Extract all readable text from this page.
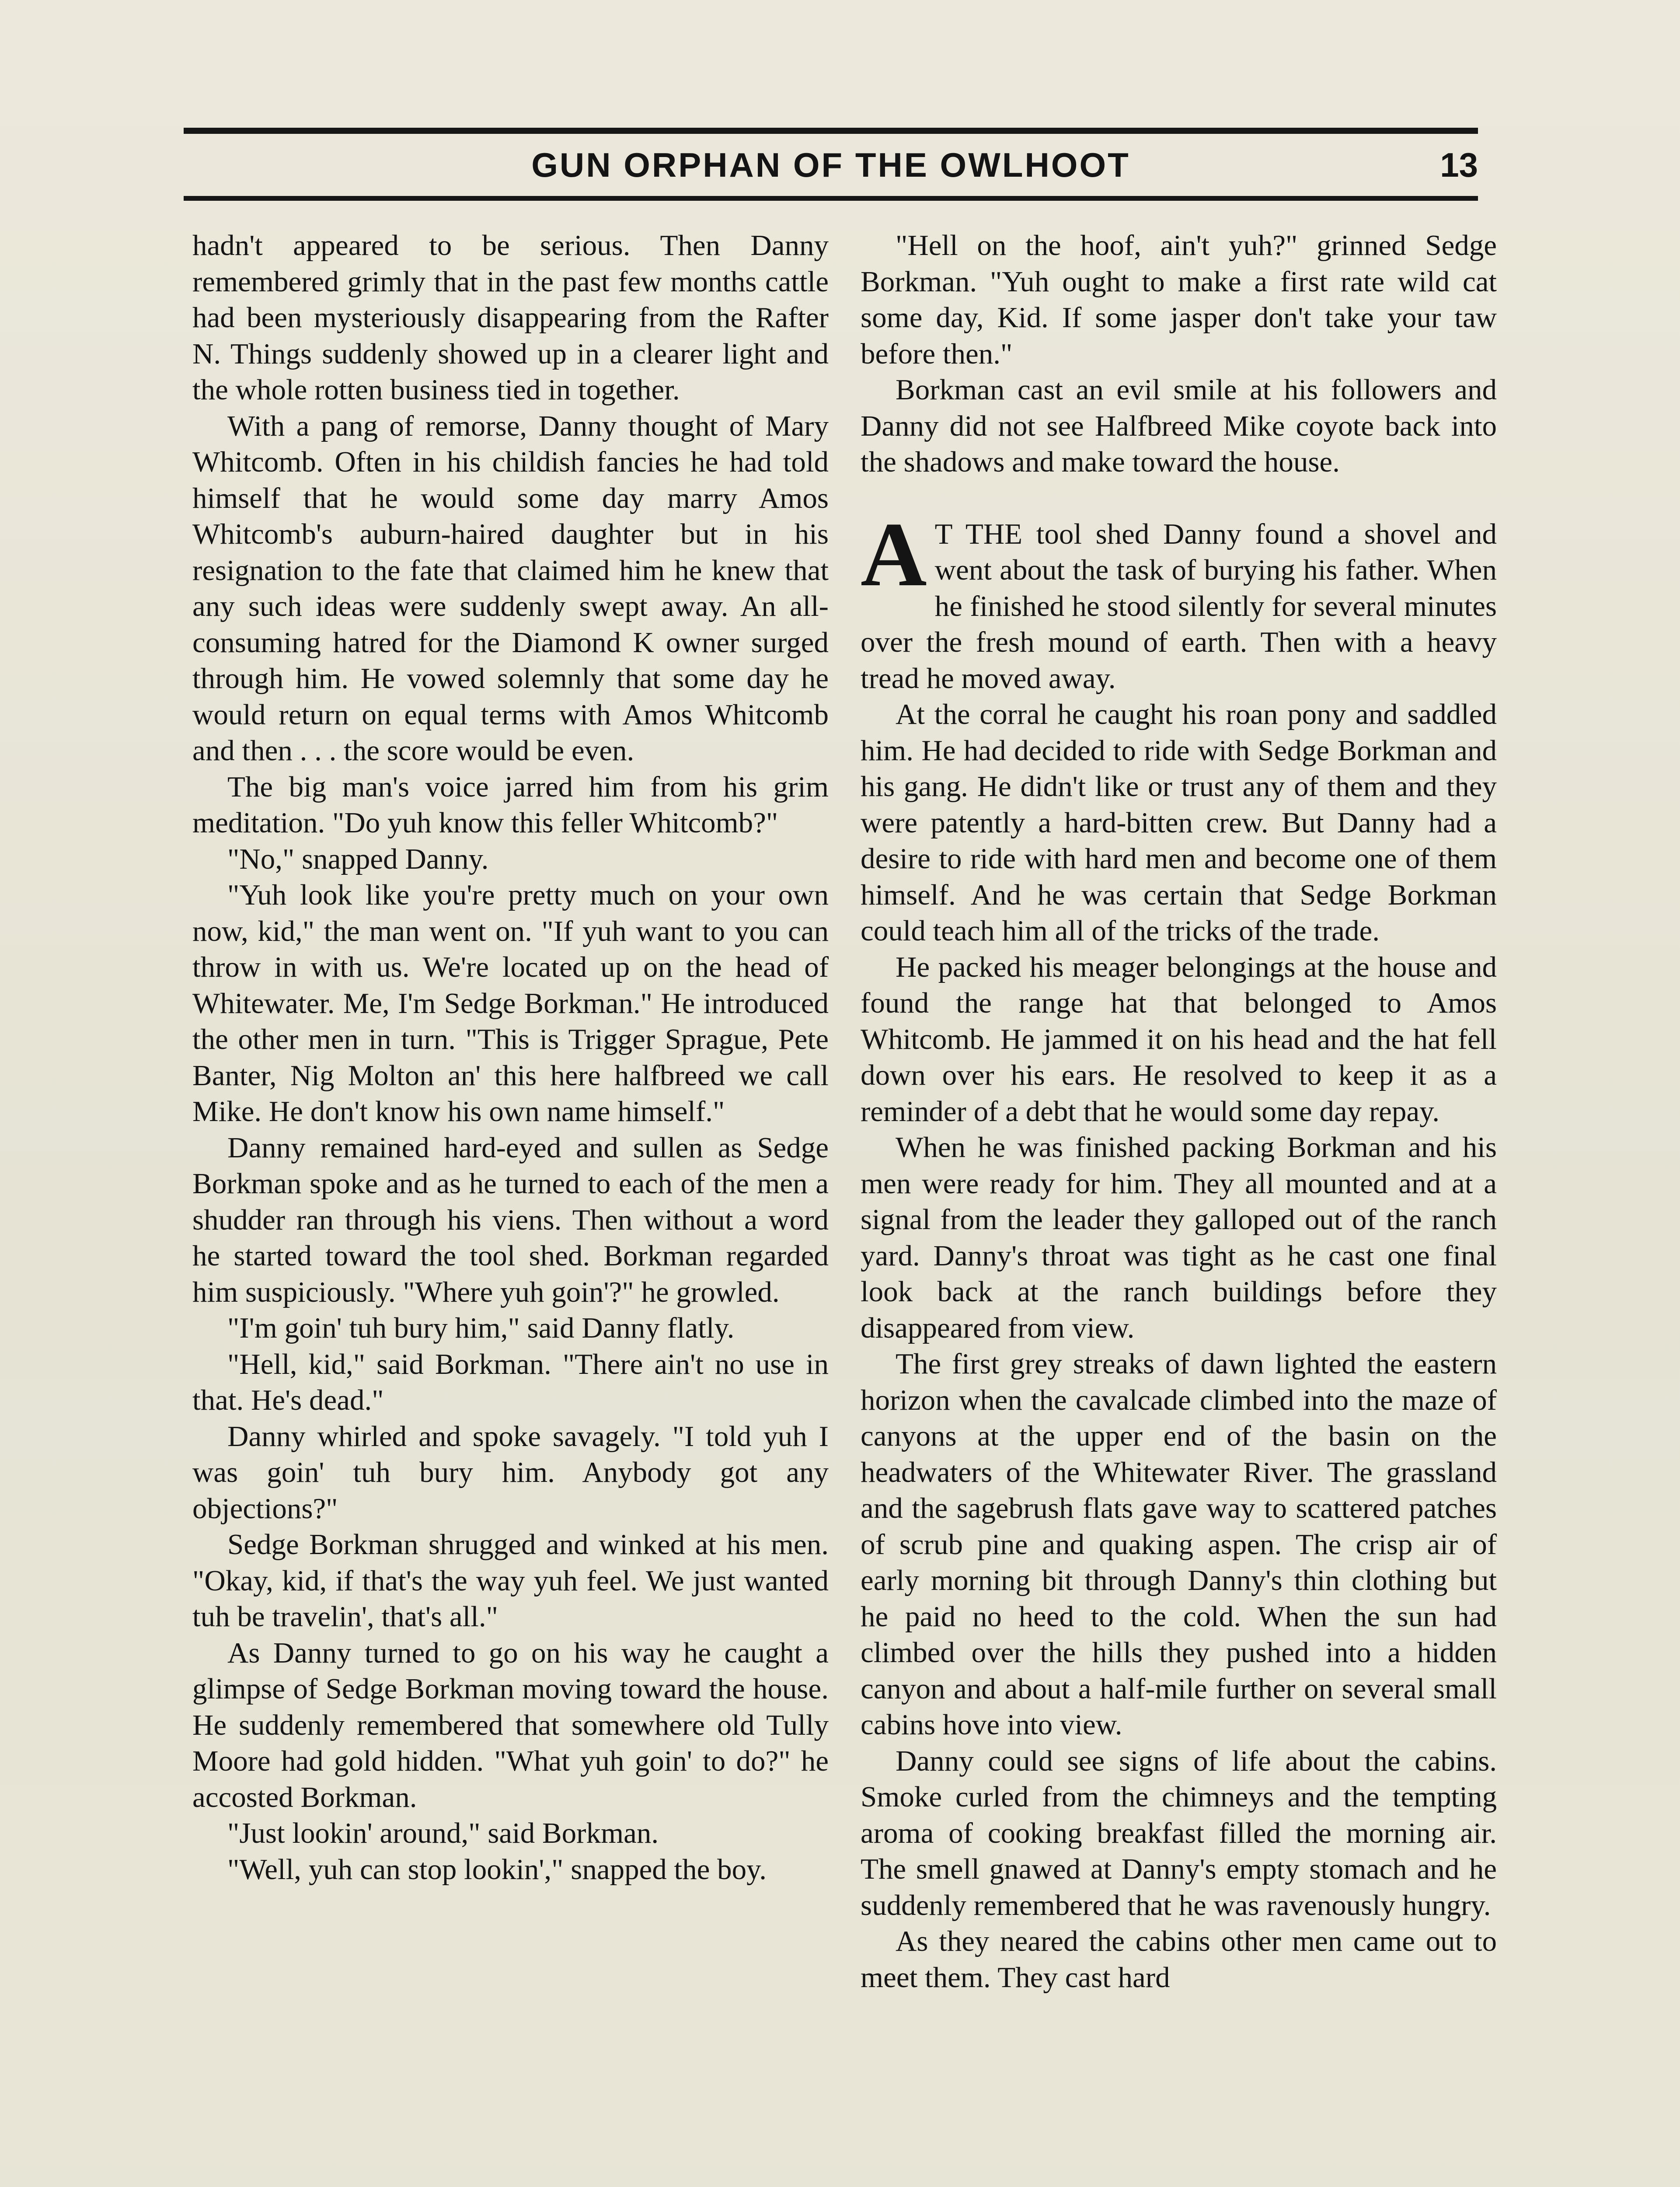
GUN ORPHAN OF THE OWLHOOT	13

hadn't appeared to be serious. Then Danny remembered grimly that in the past few months cattle had been mysteriously disappearing from the Rafter N. Things suddenly showed up in a clearer light and the whole rotten business tied in together.

With a pang of remorse, Danny thought of Mary Whitcomb. Often in his childish fancies he had told himself that he would some day marry Amos Whitcomb's auburn-haired daughter but in his resignation to the fate that claimed him he knew that any such ideas were suddenly swept away. An all-consuming hatred for the Diamond K owner surged through him. He vowed solemnly that some day he would return on equal terms with Amos Whitcomb and then . . . the score would be even.

The big man's voice jarred him from his grim meditation. "Do yuh know this feller Whitcomb?"

"No," snapped Danny.

"Yuh look like you're pretty much on your own now, kid," the man went on. "If yuh want to you can throw in with us. We're located up on the head of Whitewater. Me, I'm Sedge Borkman." He introduced the other men in turn. "This is Trigger Sprague, Pete Banter, Nig Molton an' this here halfbreed we call Mike. He don't know his own name himself."

Danny remained hard-eyed and sullen as Sedge Borkman spoke and as he turned to each of the men a shudder ran through his viens. Then without a word he started toward the tool shed. Borkman regarded him suspiciously. "Where yuh goin'?" he growled.

"I'm goin' tuh bury him," said Danny flatly.

"Hell, kid," said Borkman. "There ain't no use in that. He's dead."

Danny whirled and spoke savagely. "I told yuh I was goin' tuh bury him. Anybody got any objections?"

Sedge Borkman shrugged and winked at his men. "Okay, kid, if that's the way yuh feel. We just wanted tuh be travelin', that's all."

As Danny turned to go on his way he caught a glimpse of Sedge Borkman moving toward the house. He suddenly remembered that somewhere old Tully Moore had gold hidden. "What yuh goin' to do?" he accosted Borkman.

"Just lookin' around," said Borkman.

"Well, yuh can stop lookin'," snapped the boy.

"Hell on the hoof, ain't yuh?" grinned Sedge Borkman. "Yuh ought to make a first rate wild cat some day, Kid. If some jasper don't take your taw before then."

Borkman cast an evil smile at his followers and Danny did not see Halfbreed Mike coyote back into the shadows and make toward the house.

A T THE tool shed Danny found a shovel and went about the task of burying his father. When he finished he stood silently for several minutes over the fresh mound of earth. Then with a heavy tread he moved away.

At the corral he caught his roan pony and saddled him. He had decided to ride with Sedge Borkman and his gang. He didn't like or trust any of them and they were patently a hard-bitten crew. But Danny had a desire to ride with hard men and become one of them himself. And he was certain that Sedge Borkman could teach him all of the tricks of the trade.

He packed his meager belongings at the house and found the range hat that belonged to Amos Whitcomb. He jammed it on his head and the hat fell down over his ears. He resolved to keep it as a reminder of a debt that he would some day repay.

When he was finished packing Borkman and his men were ready for him. They all mounted and at a signal from the leader they galloped out of the ranch yard. Danny's throat was tight as he cast one final look back at the ranch buildings before they disappeared from view.

The first grey streaks of dawn lighted the eastern horizon when the cavalcade climbed into the maze of canyons at the upper end of the basin on the headwaters of the Whitewater River. The grassland and the sagebrush flats gave way to scattered patches of scrub pine and quaking aspen. The crisp air of early morning bit through Danny's thin clothing but he paid no heed to the cold. When the sun had climbed over the hills they pushed into a hidden canyon and about a half-mile further on several small cabins hove into view.

Danny could see signs of life about the cabins. Smoke curled from the chimneys and the tempting aroma of cooking breakfast filled the morning air. The smell gnawed at Danny's empty stomach and he suddenly remembered that he was ravenously hungry.

As they neared the cabins other men came out to meet them. They cast hard
